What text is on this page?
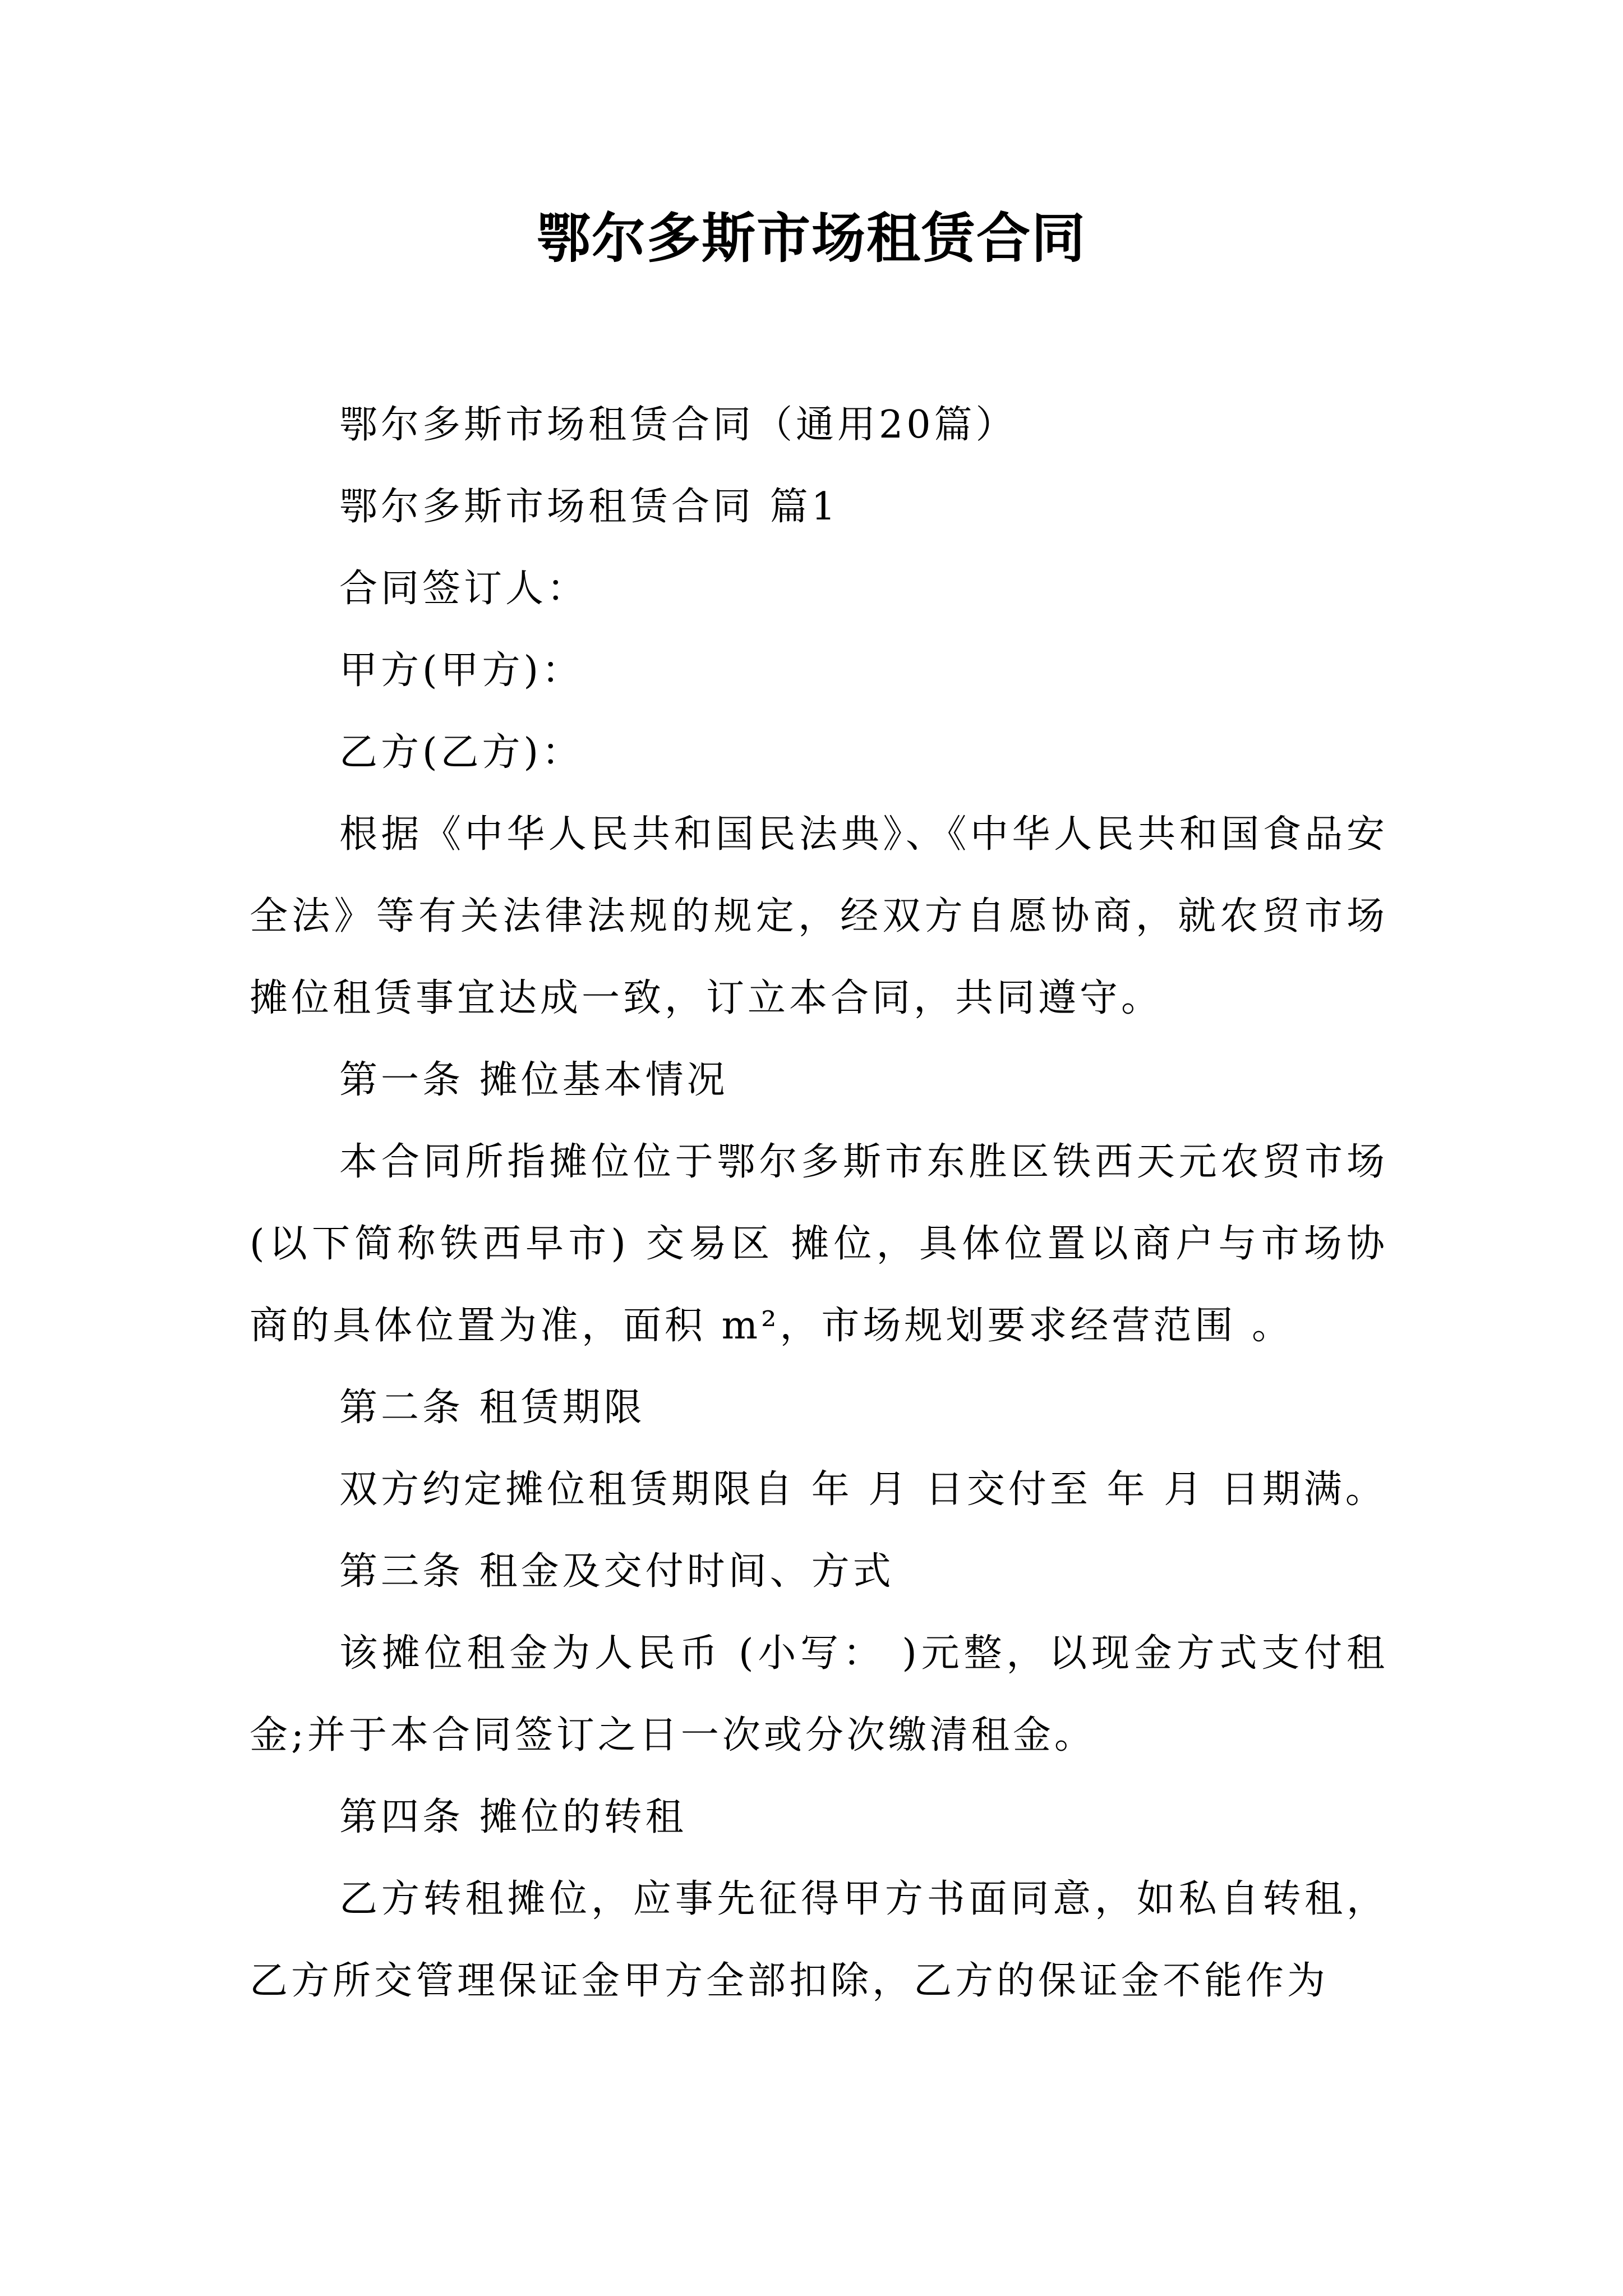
鄂尔多斯市场租赁合同

鄂尔多斯市场租赁合同（通用20篇）

鄂尔多斯市场租赁合同 篇1

合同签订人：

甲方(甲方)：

乙方(乙方)：

根据《中华人民共和国民法典》、《中华人民共和国食品安全法》等有关法律法规的规定，经双方自愿协商，就农贸市场摊位租赁事宜达成一致，订立本合同，共同遵守。

第一条 摊位基本情况

本合同所指摊位位于鄂尔多斯市东胜区铁西天元农贸市场(以下简称铁西早市) 交易区 摊位，具体位置以商户与市场协商的具体位置为准，面积 m²，市场规划要求经营范围 。

第二条 租赁期限

双方约定摊位租赁期限自 年 月 日交付至 年 月 日期满。

第三条 租金及交付时间、方式

该摊位租金为人民币 (小写： )元整，以现金方式支付租金;并于本合同签订之日一次或分次缴清租金。

第四条 摊位的转租

乙方转租摊位，应事先征得甲方书面同意，如私自转租，乙方所交管理保证金甲方全部扣除，乙方的保证金不能作为
